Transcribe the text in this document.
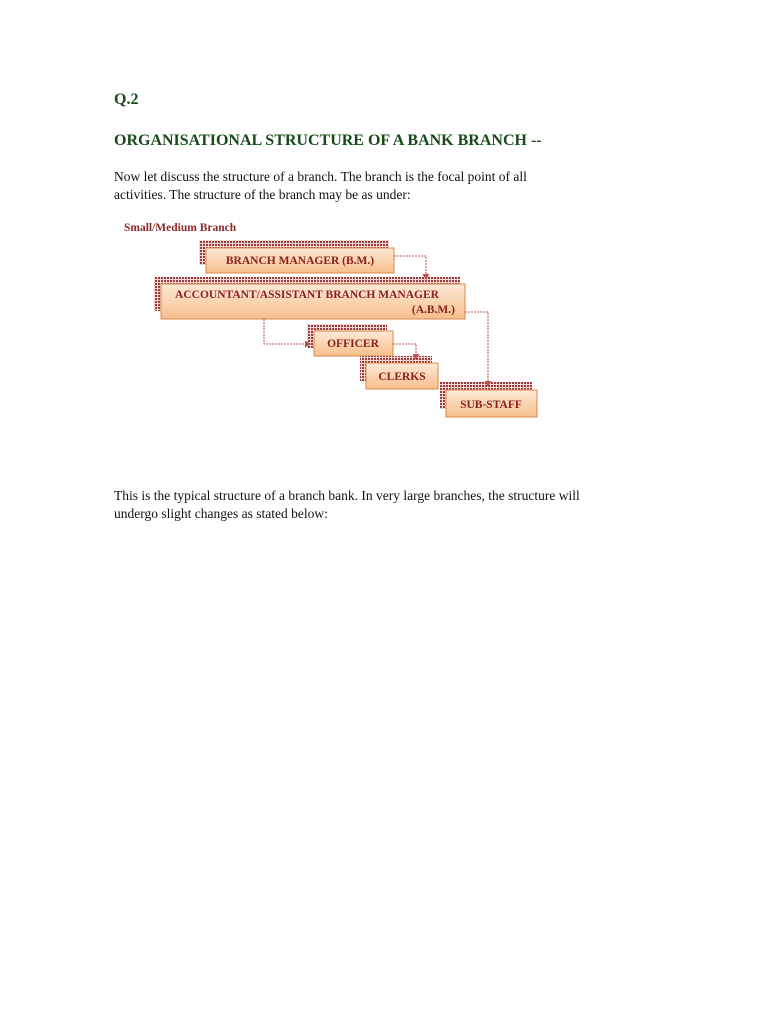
Q.2

ORGANISATIONAL STRUCTURE OF A BANK BRANCH --

Now let discuss the structure of a branch. The branch is the focal point of all
activities. The structure of the branch may be as under:

Small/Medium Branch
BRANCH MANAGER (B.M.)
ACCOUNTANT/ASSISTANT BRANCH MANAGER
(A.B.M.)
OFFICER
CLERKS
SUB-STAFF

This is the typical structure of a branch bank. In very large branches, the structure will
undergo slight changes as stated below:
